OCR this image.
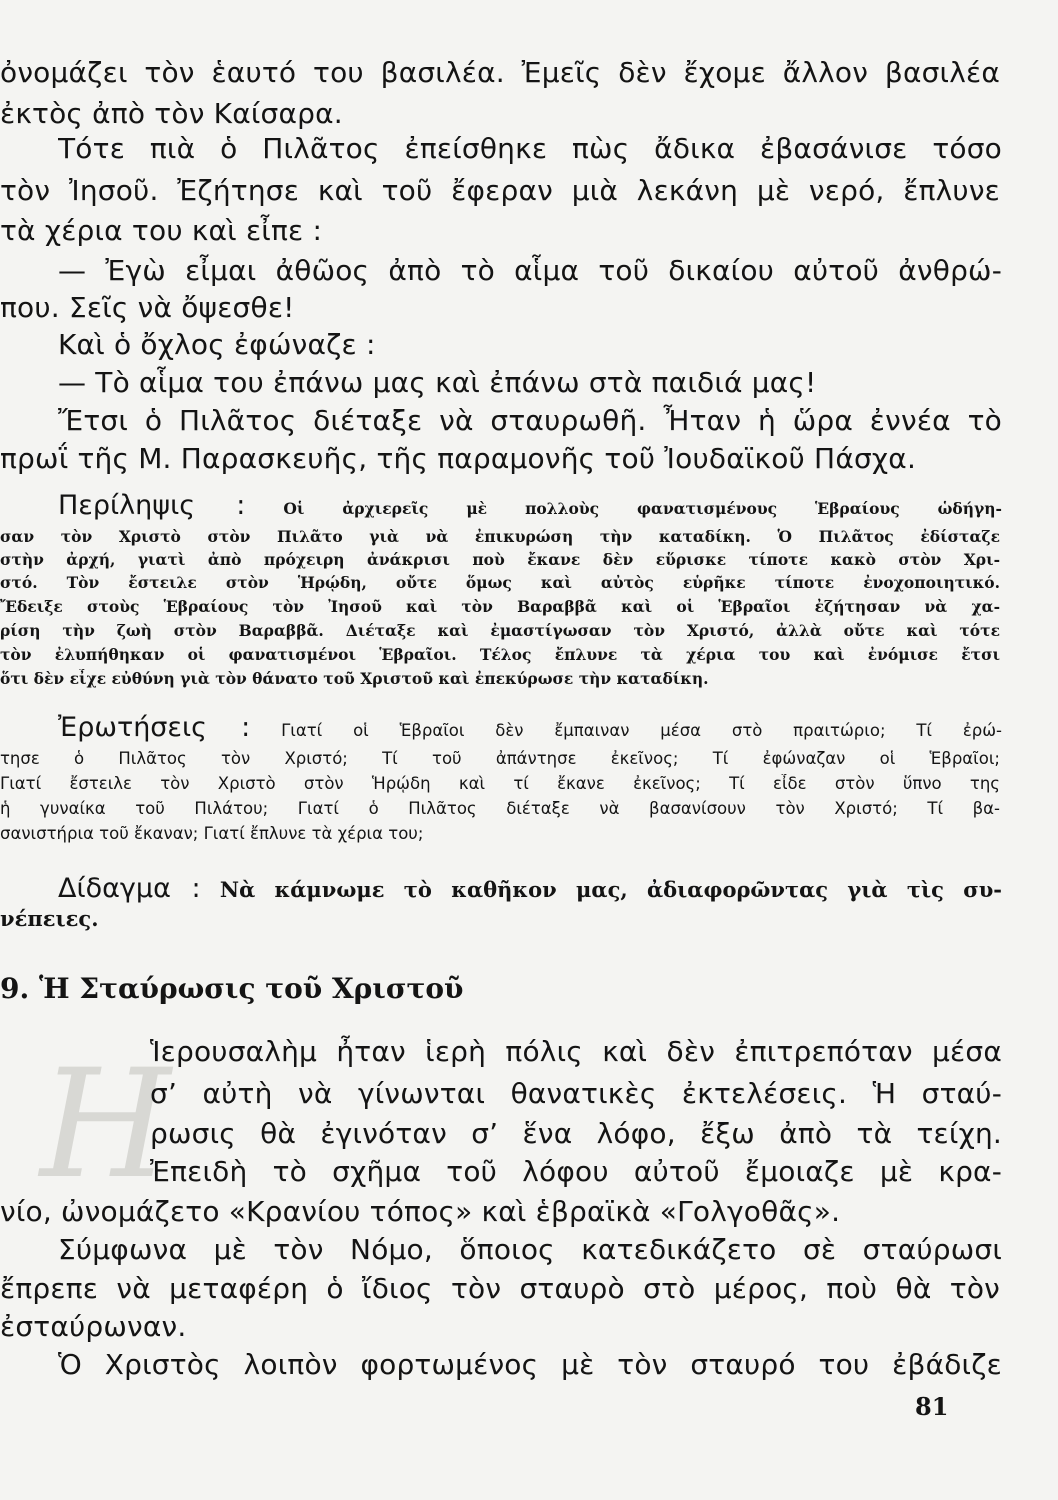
ὀνομάζει τὸν ἑαυτό του βασιλέα. Ἐμεῖς δὲν ἔχομε ἄλλον βασιλέα

ἐκτὸς ἀπὸ τὸν Καίσαρα.

Τότε πιὰ ὁ Πιλᾶτος ἐπείσθηκε πὼς ἄδικα ἐβασάνισε τόσο

τὸν Ἰησοῦ. Ἐζήτησε καὶ τοῦ ἔφεραν μιὰ λεκάνη μὲ νερό, ἔπλυνε

τὰ χέρια του καὶ εἶπε :

— Ἐγὼ εἶμαι ἀθῶος ἀπὸ τὸ αἷμα τοῦ δικαίου αὐτοῦ ἀνθρώ-

που. Σεῖς νὰ ὄψεσθε!

Καὶ ὁ ὄχλος ἐφώναζε :

— Τὸ αἷμα του ἐπάνω μας καὶ ἐπάνω στὰ παιδιά μας!

Ἔτσι ὁ Πιλᾶτος διέταξε νὰ σταυρωθῆ. Ἦταν ἡ ὥρα ἐννέα τὸ

πρωΐ τῆς Μ. Παρασκευῆς, τῆς παραμονῆς τοῦ Ἰουδαϊκοῦ Πάσχα.

Περίληψις : Οἱ ἀρχιερεῖς μὲ πολλοὺς φανατισμένους Ἑβραίους ὡδήγη-

σαν τὸν Χριστὸ στὸν Πιλᾶτο γιὰ νὰ ἐπικυρώση τὴν καταδίκη. Ὁ Πιλᾶτος ἐδίσταζε

στὴν ἀρχή, γιατὶ ἀπὸ πρόχειρη ἀνάκρισι ποὺ ἔκανε δὲν εὕρισκε τίποτε κακὸ στὸν Χρι-

στό. Τὸν ἔστειλε στὸν Ἡρῴδη, οὔτε ὅμως καὶ αὐτὸς εὑρῆκε τίποτε ἐνοχοποιητικό.

Ἔδειξε στοὺς Ἑβραίους τὸν Ἰησοῦ καὶ τὸν Βαραββᾶ καὶ οἱ Ἑβραῖοι ἐζήτησαν νὰ χα-

ρίση τὴν ζωὴ στὸν Βαραββᾶ. Διέταξε καὶ ἐμαστίγωσαν τὸν Χριστό, ἀλλὰ οὔτε καὶ τότε

τὸν ἐλυπήθηκαν οἱ φανατισμένοι Ἑβραῖοι. Τέλος ἔπλυνε τὰ χέρια του καὶ ἐνόμισε ἔτσι

ὅτι δὲν εἶχε εὐθύνη γιὰ τὸν θάνατο τοῦ Χριστοῦ καὶ ἐπεκύρωσε τὴν καταδίκη.

Ἐρωτήσεις : Γιατί οἱ Ἑβραῖοι δὲν ἔμπαιναν μέσα στὸ πραιτώριο; Τί ἐρώ-

τησε ὁ Πιλᾶτος τὸν Χριστό; Τί τοῦ ἀπάντησε ἐκεῖνος; Τί ἐφώναζαν οἱ Ἑβραῖοι;

Γιατί ἔστειλε τὸν Χριστὸ στὸν Ἡρῴδη καὶ τί ἔκανε ἐκεῖνος; Τί εἶδε στὸν ὕπνο της

ἡ γυναίκα τοῦ Πιλάτου; Γιατί ὁ Πιλᾶτος διέταξε νὰ βασανίσουν τὸν Χριστό; Τί βα-

σανιστήρια τοῦ ἔκαναν; Γιατί ἔπλυνε τὰ χέρια του;

Δίδαγμα : Νὰ κάμνωμε τὸ καθῆκον μας, ἀδιαφορῶντας γιὰ τὶς συ-

νέπειες.

9. Ἡ Σταύρωσις τοῦ Χριστοῦ
Η

Ἱερουσαλὴμ ἦταν ἱερὴ πόλις καὶ δὲν ἐπιτρεπόταν μέσα

σ’ αὐτὴ νὰ γίνωνται θανατικὲς ἐκτελέσεις. Ἡ σταύ-

ρωσις θὰ ἐγινόταν σ’ ἕνα λόφο, ἔξω ἀπὸ τὰ τείχη.

Ἐπειδὴ τὸ σχῆμα τοῦ λόφου αὐτοῦ ἔμοιαζε μὲ κρα-

νίο, ὠνομάζετο «Κρανίου τόπος» καὶ ἑβραϊκὰ «Γολγοθᾶς».

Σύμφωνα μὲ τὸν Νόμο, ὅποιος κατεδικάζετο σὲ σταύρωσι

ἔπρεπε νὰ μεταφέρη ὁ ἴδιος τὸν σταυρὸ στὸ μέρος, ποὺ θὰ τὸν

ἐσταύρωναν.

Ὁ Χριστὸς λοιπὸν φορτωμένος μὲ τὸν σταυρό του ἐβάδιζε

81
